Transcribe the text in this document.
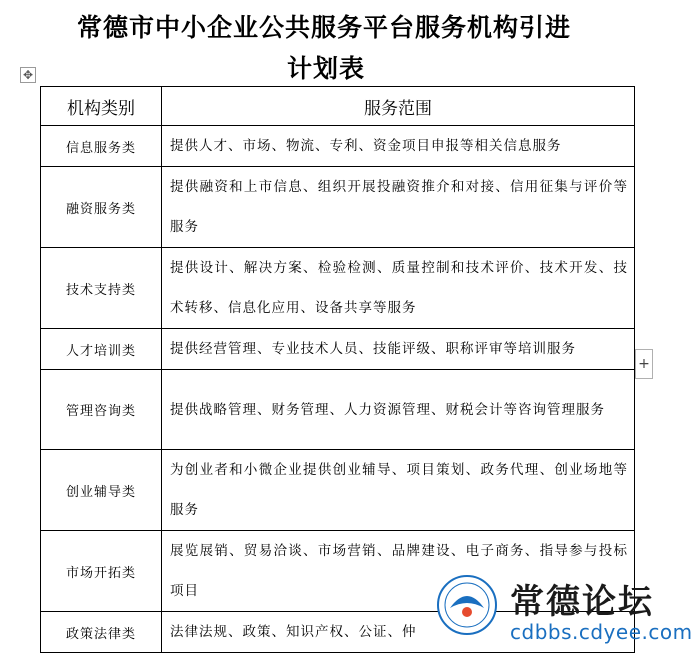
常德市中小企业公共服务平台服务机构引进
计划表
✥
机构类别	服务范围
信息服务类	提供人才、市场、物流、专利、资金项目申报等相关信息服务
融资服务类	提供融资和上市信息、组织开展投融资推介和对接、信用征集与评价等服务
技术支持类	提供设计、解决方案、检验检测、质量控制和技术评价、技术开发、技术转移、信息化应用、设备共享等服务
人才培训类	提供经营管理、专业技术人员、技能评级、职称评审等培训服务
管理咨询类	提供战略管理、财务管理、人力资源管理、财税会计等咨询管理服务
创业辅导类	为创业者和小微企业提供创业辅导、项目策划、政务代理、创业场地等服务
市场开拓类	展览展销、贸易洽谈、市场营销、品牌建设、电子商务、指导参与投标项目
政策法律类	法律法规、政策、知识产权、公证、仲
+
常德论坛
cdbbs.cdyee.com
